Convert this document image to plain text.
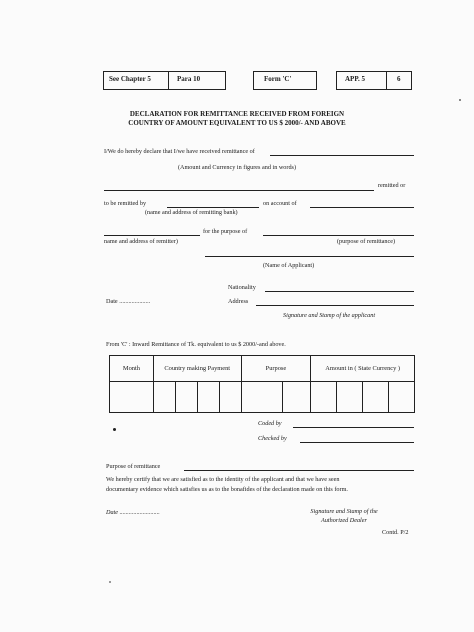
See Chapter 5	Para 10	Form 'C'	APP. 5	6
DECLARATION FOR REMITTANCE RECEIVED FROM FOREIGN
COUNTRY OF AMOUNT EQUIVALENT TO US $ 2000/- AND ABOVE
I/We do hereby declare that I/we have received remittance of
(Amount and Currency in figures and in words)
remitted or
to be remitted by	on account of
(name and address of remitting bank)
for the purpose of
name and address of remitter)	(purpose of remittance)
(Name of Applicant)
Nationality
Date ....................	Address
Signature and Stamp of the applicant
From 'C' : Inward Remittance of Tk. equivalent to us $ 2000/-and above.
Month	Country making Payment				Purpose		Amount in ( State Currency )			

Coded by
Checked by
Purpose of remittance
We hereby certify that we are satisfied as to the identity of the applicant and that we have seen
documentary evidence which satisfies us as to the bonafides of the declaration made on this form.
Date ..........................	Signature and Stamp of the
Authorized Dealer
Contd. P/2
